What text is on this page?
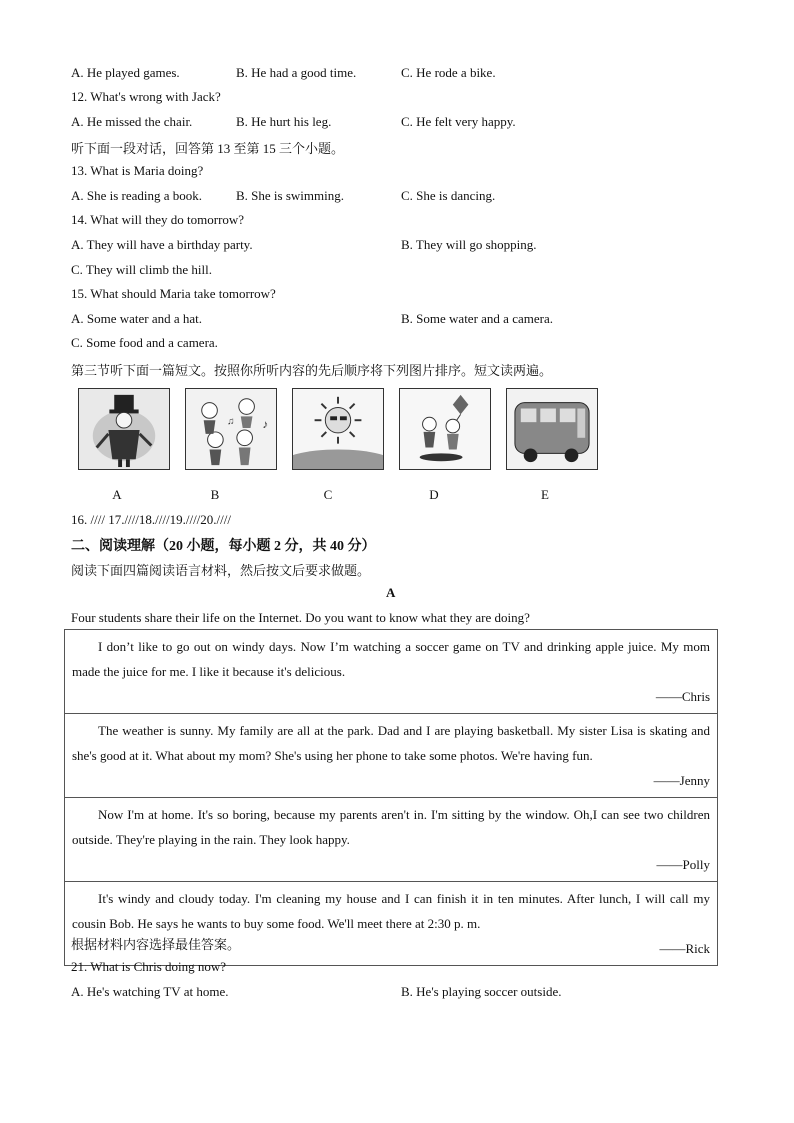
A. He played games.	B. He had a good time.	C. He rode a bike.
12. What's wrong with Jack?
A. He missed the chair.	B. He hurt his leg.	C. He felt very happy.
听下面一段对话，回答第 13 至第 15 三个小题。
13. What is Maria doing?
A. She is reading a book.	B. She is swimming.	C. She is dancing.
14. What will they do tomorrow?
A. They will have a birthday party.	B. They will go shopping.
C. They will climb the hill.
15. What should Maria take tomorrow?
A. Some water and a hat.	B. Some water and a camera.
C. Some food and a camera.
第三节听下面一篇短文。按照你所听内容的先后顺序将下列图片排序。短文读两遍。
♪
♫
A	B	C	D	E
16. //// 17.////18.////19.////20.////
二、阅读理解（20 小题，每小题 2 分，共 40 分）
阅读下面四篇阅读语言材料，然后按文后要求做题。
A
Four students share their life on the Internet. Do you want to know what they are doing?
I don’t like to go out on windy days. Now I’m watching a soccer game on TV and drinking apple juice. My mom made the juice for me. I like it because it's delicious.
——Chris

The weather is sunny. My family are all at the park. Dad and I are playing basketball. My sister Lisa is skating and she's good at it. What about my mom? She's using her phone to take some photos. We're having fun.
——Jenny

Now I'm at home. It's so boring, because my parents aren't in. I'm sitting by the window. Oh,I can see two children outside. They're playing in the rain. They look happy.
——Polly

It's windy and cloudy today. I'm cleaning my house and I can finish it in ten minutes. After lunch, I will call my cousin Bob. He says he wants to buy some food. We'll meet there at 2:30 p. m.
——Rick
根据材料内容选择最佳答案。
21. What is Chris doing now?
A. He's watching TV at home.	B. He's playing soccer outside.
